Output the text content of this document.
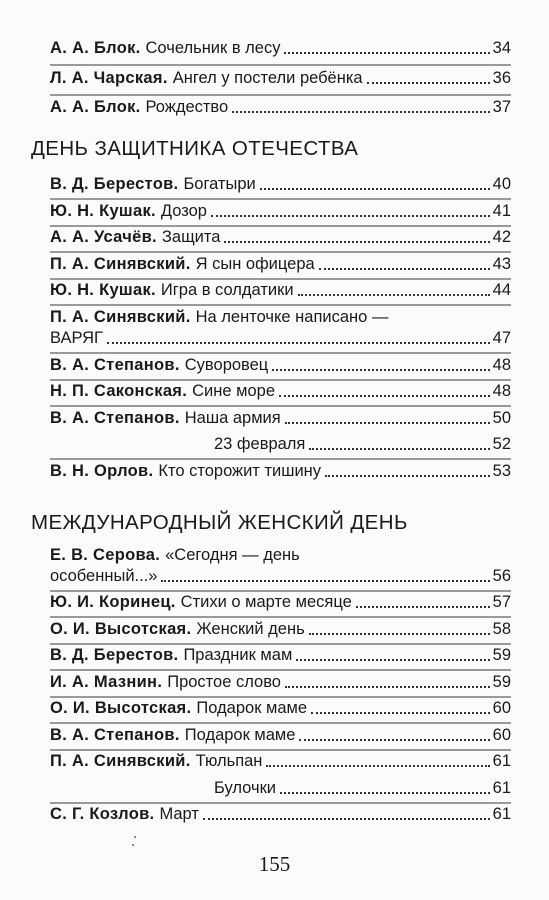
А. А. Блок. Сочельник в лесу	34
Л. А. Чарская. Ангел у постели ребёнка	36
А. А. Блок. Рождество	37
ДЕНЬ ЗАЩИТНИКА ОТЕЧЕСТВА
В. Д. Берестов. Богатыри	40
Ю. Н. Кушак. Дозор	41
А. А. Усачёв. Защита	42
П. А. Синявский. Я сын офицера	43
Ю. Н. Кушак. Игра в солдатики	44
П. А. Синявский. На ленточке написано —
ВАРЯГ	47
В. А. Степанов. Суворовец	48
Н. П. Саконская. Сине море	48
В. А. Степанов. Наша армия	50
23 февраля	52
В. Н. Орлов. Кто сторожит тишину	53
МЕЖДУНАРОДНЫЙ ЖЕНСКИЙ ДЕНЬ
Е. В. Серова. «Сегодня — день
особенный...»	56
Ю. И. Коринец. Стихи о марте месяце	57
О. И. Высотская. Женский день	58
В. Д. Берестов. Праздник мам	59
И. А. Мазнин. Простое слово	59
О. И. Высотская. Подарок маме	60
В. А. Степанов. Подарок маме	60
П. А. Синявский. Тюльпан	61
Булочки	61
С. Г. Козлов. Март	61
155
